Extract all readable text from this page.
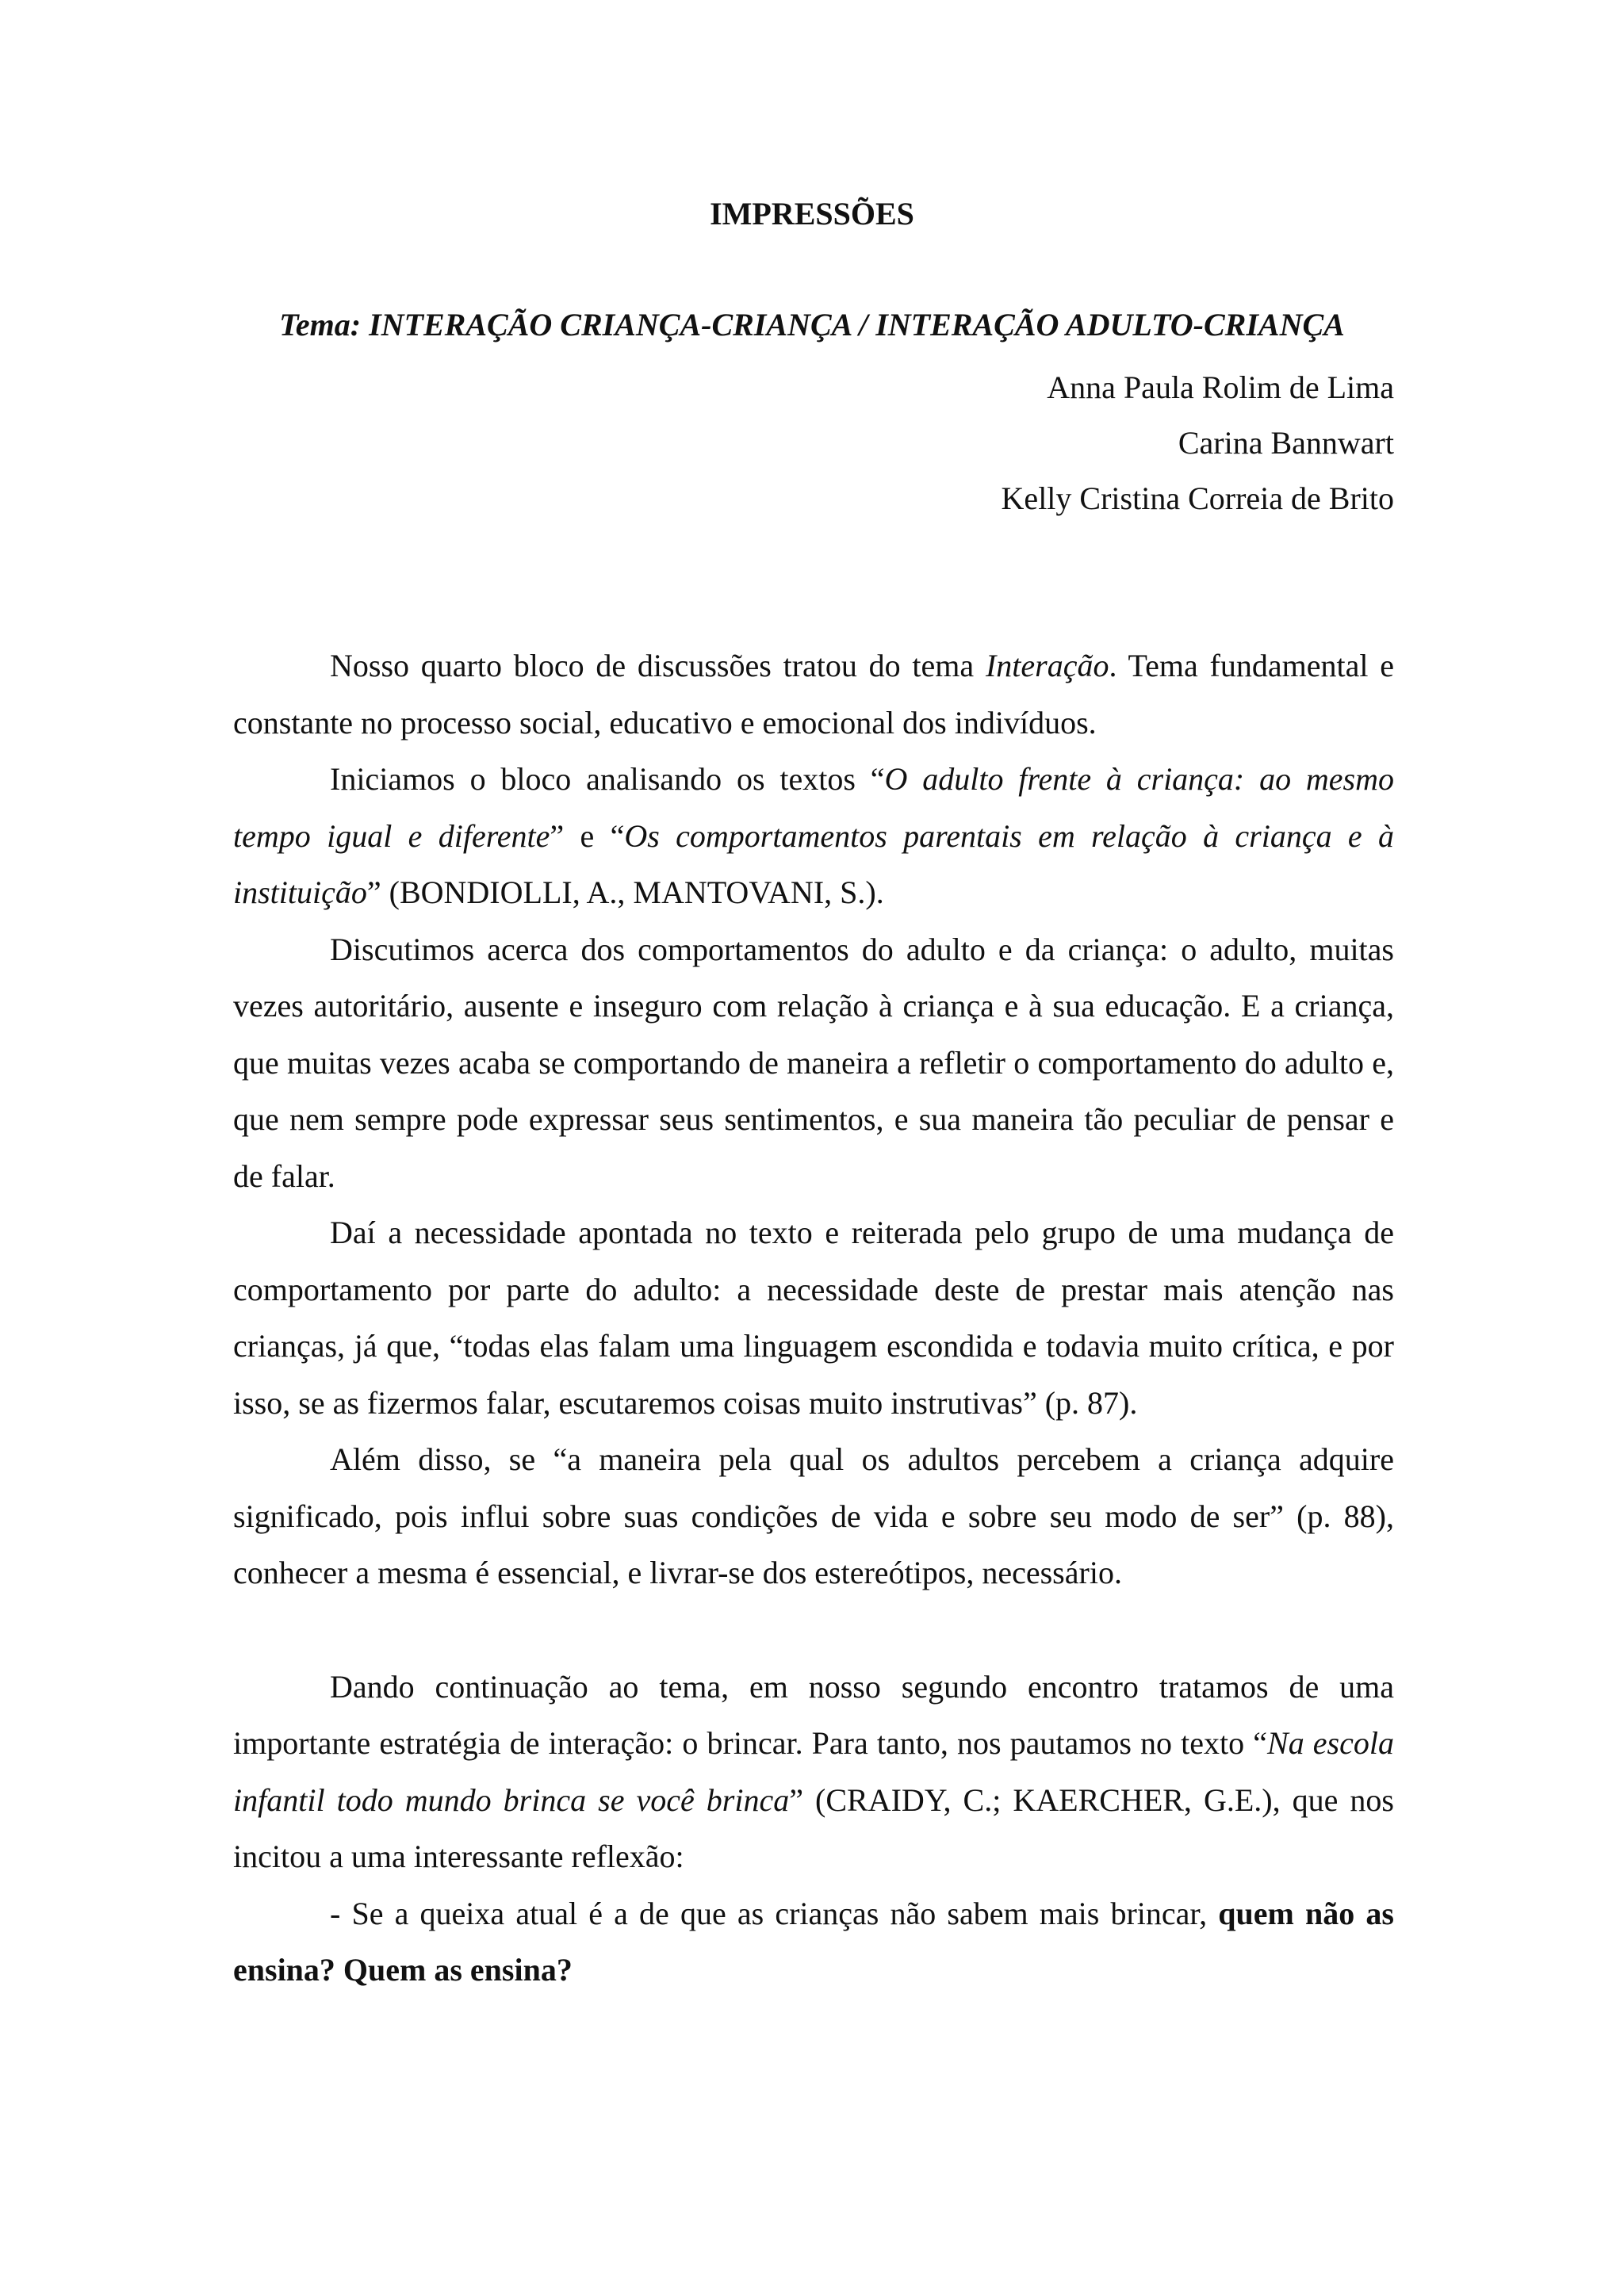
IMPRESSÕES
Tema: INTERAÇÃO CRIANÇA-CRIANÇA / INTERAÇÃO ADULTO-CRIANÇA
Anna Paula Rolim de Lima
Carina Bannwart
Kelly Cristina Correia de Brito

Nosso quarto bloco de discussões tratou do tema Interação. Tema fundamental e constante no processo social, educativo e emocional dos indivíduos.

Iniciamos o bloco analisando os textos “O adulto frente à criança: ao mesmo tempo igual e diferente” e “Os comportamentos parentais em relação à criança e à instituição” (BONDIOLLI, A., MANTOVANI, S.).

Discutimos acerca dos comportamentos do adulto e da criança: o adulto, muitas vezes autoritário, ausente e inseguro com relação à criança e à sua educação. E a criança, que muitas vezes acaba se comportando de maneira a refletir o comportamento do adulto e, que nem sempre pode expressar seus sentimentos, e sua maneira tão peculiar de pensar e de falar.

Daí a necessidade apontada no texto e reiterada pelo grupo de uma mudança de comportamento por parte do adulto: a necessidade deste de prestar mais atenção nas crianças, já que, “todas elas falam uma linguagem escondida e todavia muito crítica, e por isso, se as fizermos falar, escutaremos coisas muito instrutivas” (p. 87).

Além disso, se “a maneira pela qual os adultos percebem a criança adquire significado, pois influi sobre suas condições de vida e sobre seu modo de ser” (p. 88), conhecer a mesma é essencial, e livrar-se dos estereótipos, necessário.

Dando continuação ao tema, em nosso segundo encontro tratamos de uma importante estratégia de interação: o brincar. Para tanto, nos pautamos no texto “Na escola infantil todo mundo brinca se você brinca” (CRAIDY, C.; KAERCHER, G.E.), que nos incitou a uma interessante reflexão:

- Se a queixa atual é a de que as crianças não sabem mais brincar, quem não as ensina? Quem as ensina?
